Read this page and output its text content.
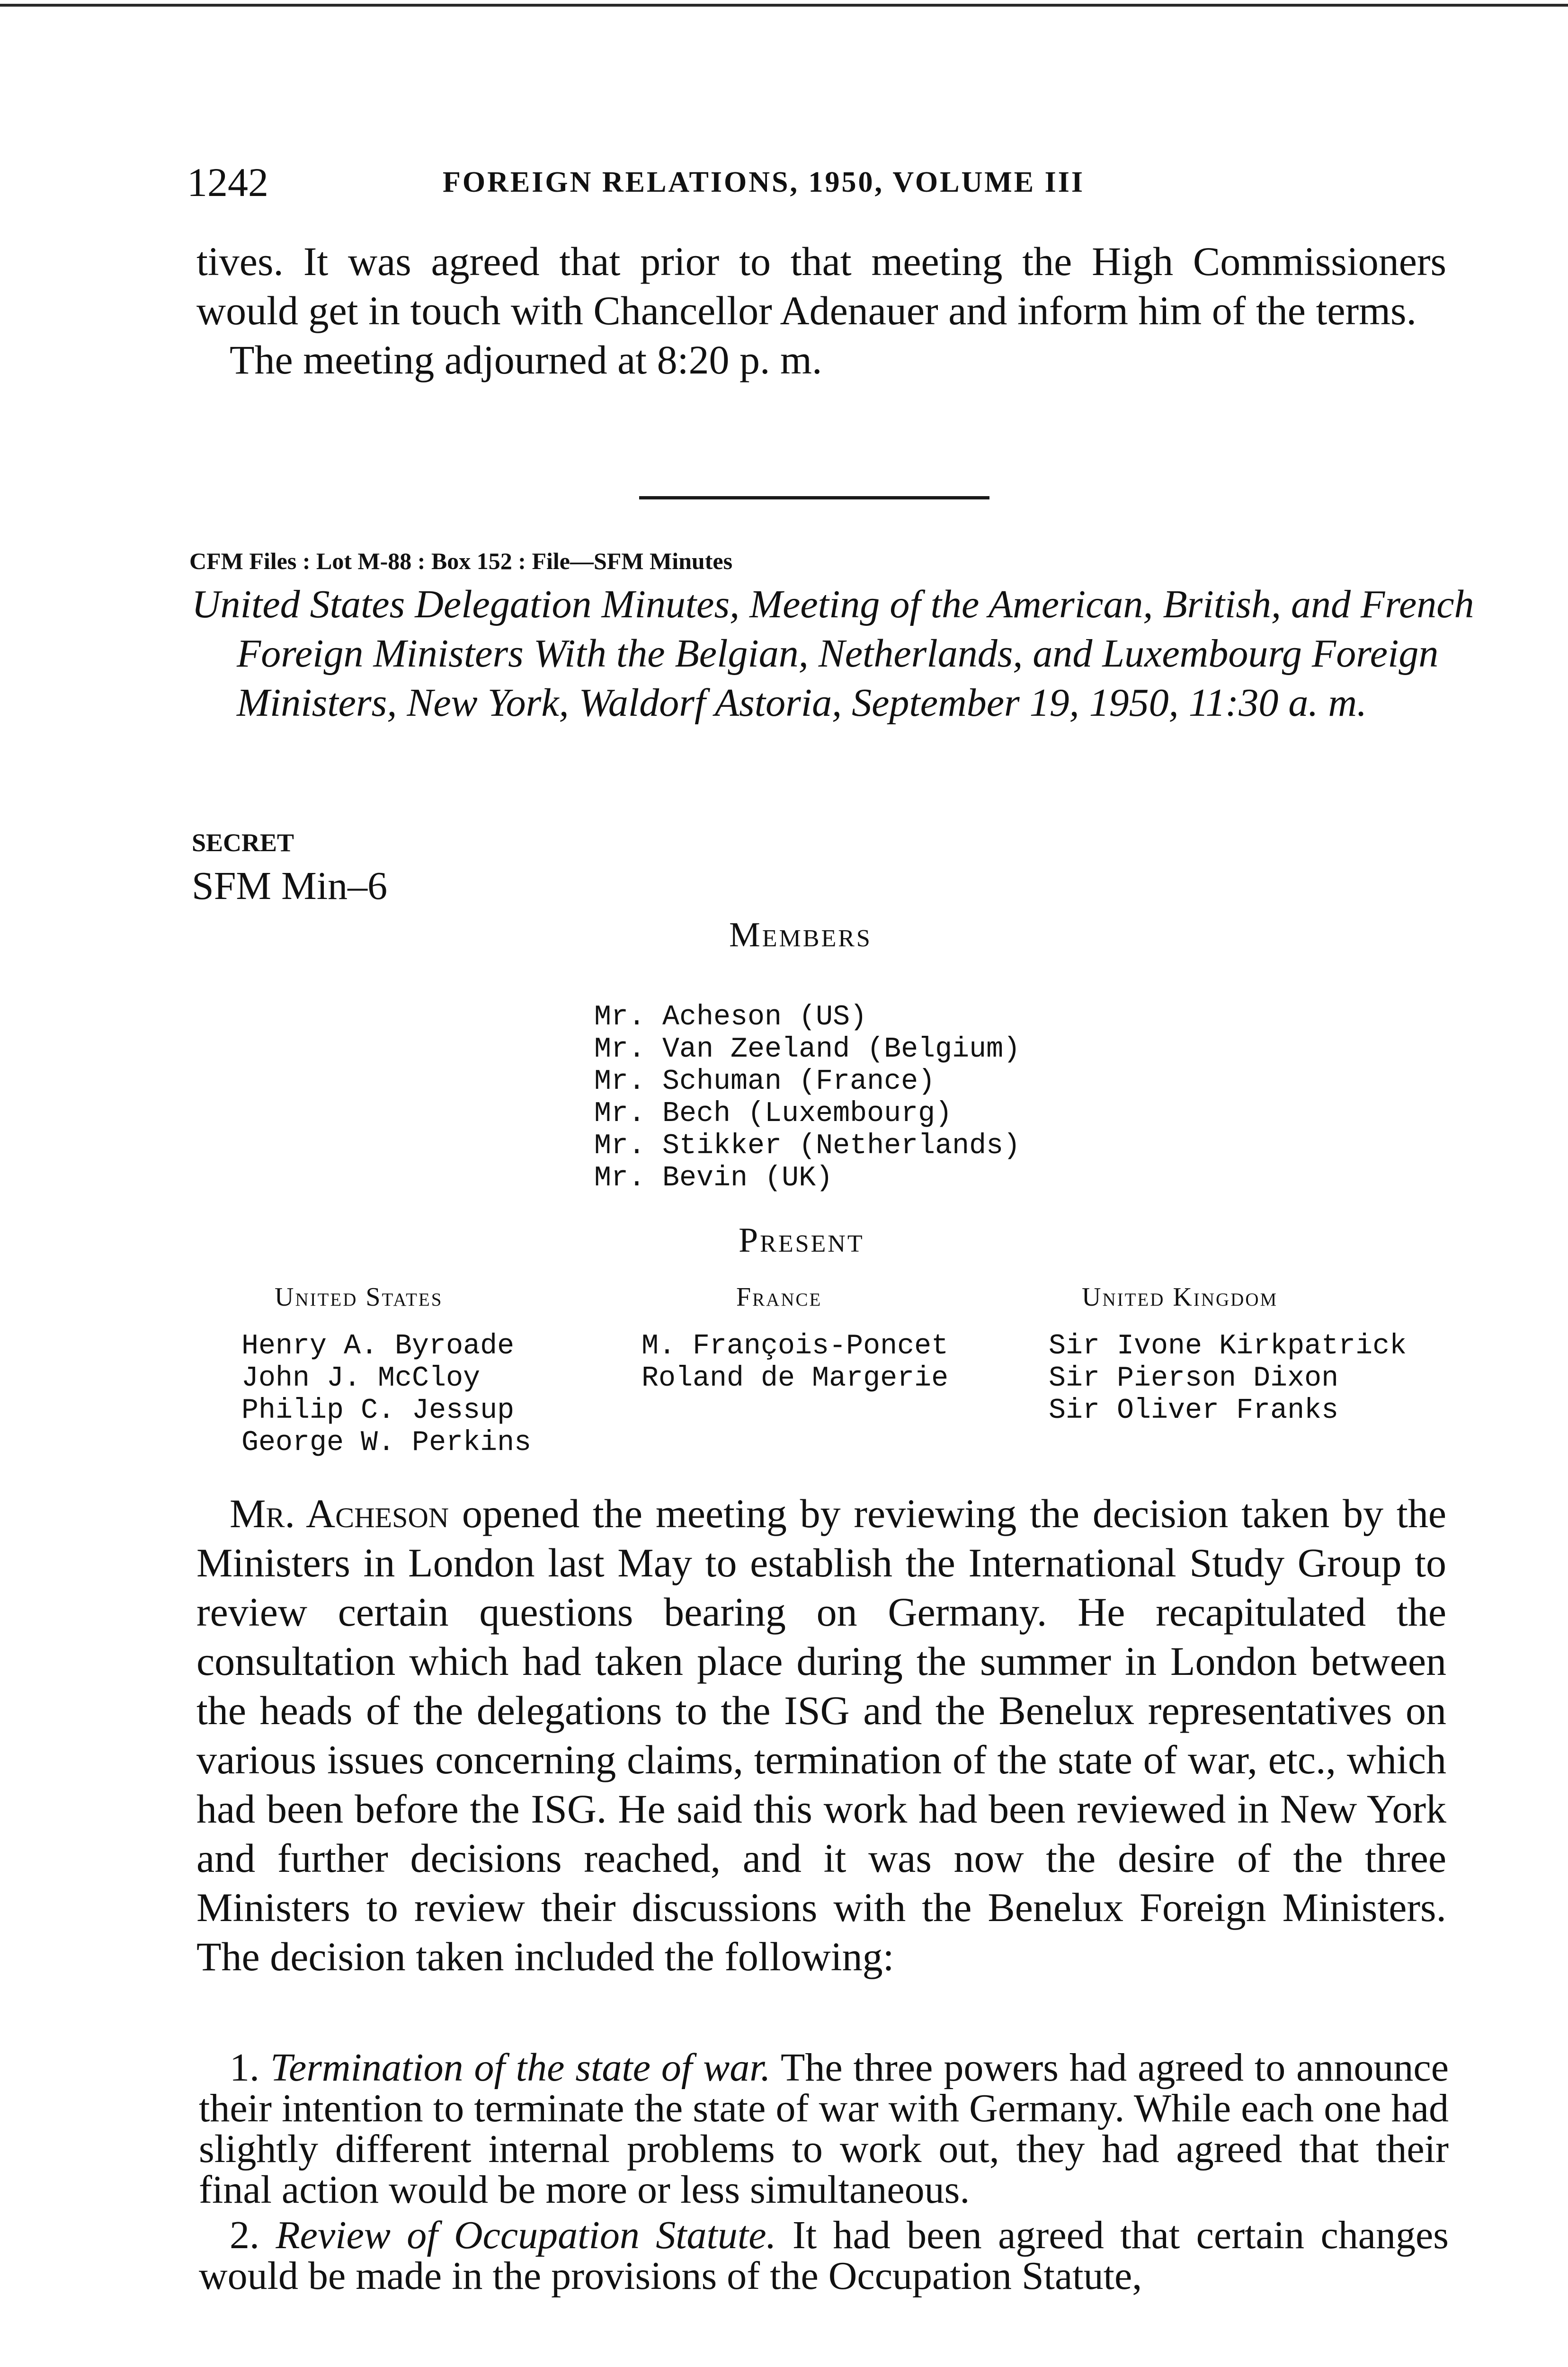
1242	FOREIGN RELATIONS, 1950, VOLUME III

tives. It was agreed that prior to that meeting the High Commissioners would get in touch with Chancellor Adenauer and inform him of the terms.

The meeting adjourned at 8:20 p. m.

CFM Files : Lot M-88 : Box 152 : File—SFM Minutes
United States Delegation Minutes, Meeting of the American, British, and French Foreign Ministers With the Belgian, Netherlands, and Luxembourg Foreign Ministers, New York, Waldorf Astoria, September 19, 1950, 11:30 a. m.
SECRET
SFM Min–6
Members
Mr. Acheson (US)
Mr. Van Zeeland (Belgium)
Mr. Schuman (France)
Mr. Bech (Luxembourg)
Mr. Stikker (Netherlands)
Mr. Bevin (UK)
Present
United States
Henry A. Byroade
John J. McCloy
Philip C. Jessup
George W. Perkins
France
M. François-Poncet
Roland de Margerie
United Kingdom
Sir Ivone Kirkpatrick
Sir Pierson Dixon
Sir Oliver Franks

Mr. Acheson opened the meeting by reviewing the decision taken by the Ministers in London last May to establish the International Study Group to review certain questions bearing on Germany. He recapitulated the consultation which had taken place during the summer in London between the heads of the delegations to the ISG and the Benelux representatives on various issues concerning claims, termination of the state of war, etc., which had been before the ISG. He said this work had been reviewed in New York and further decisions reached, and it was now the desire of the three Ministers to review their discussions with the Benelux Foreign Ministers. The decision taken included the following:

1. Termination of the state of war. The three powers had agreed to announce their intention to terminate the state of war with Germany. While each one had slightly different internal problems to work out, they had agreed that their final action would be more or less simultaneous.

2. Review of Occupation Statute. It had been agreed that certain changes would be made in the provisions of the Occupation Statute,
